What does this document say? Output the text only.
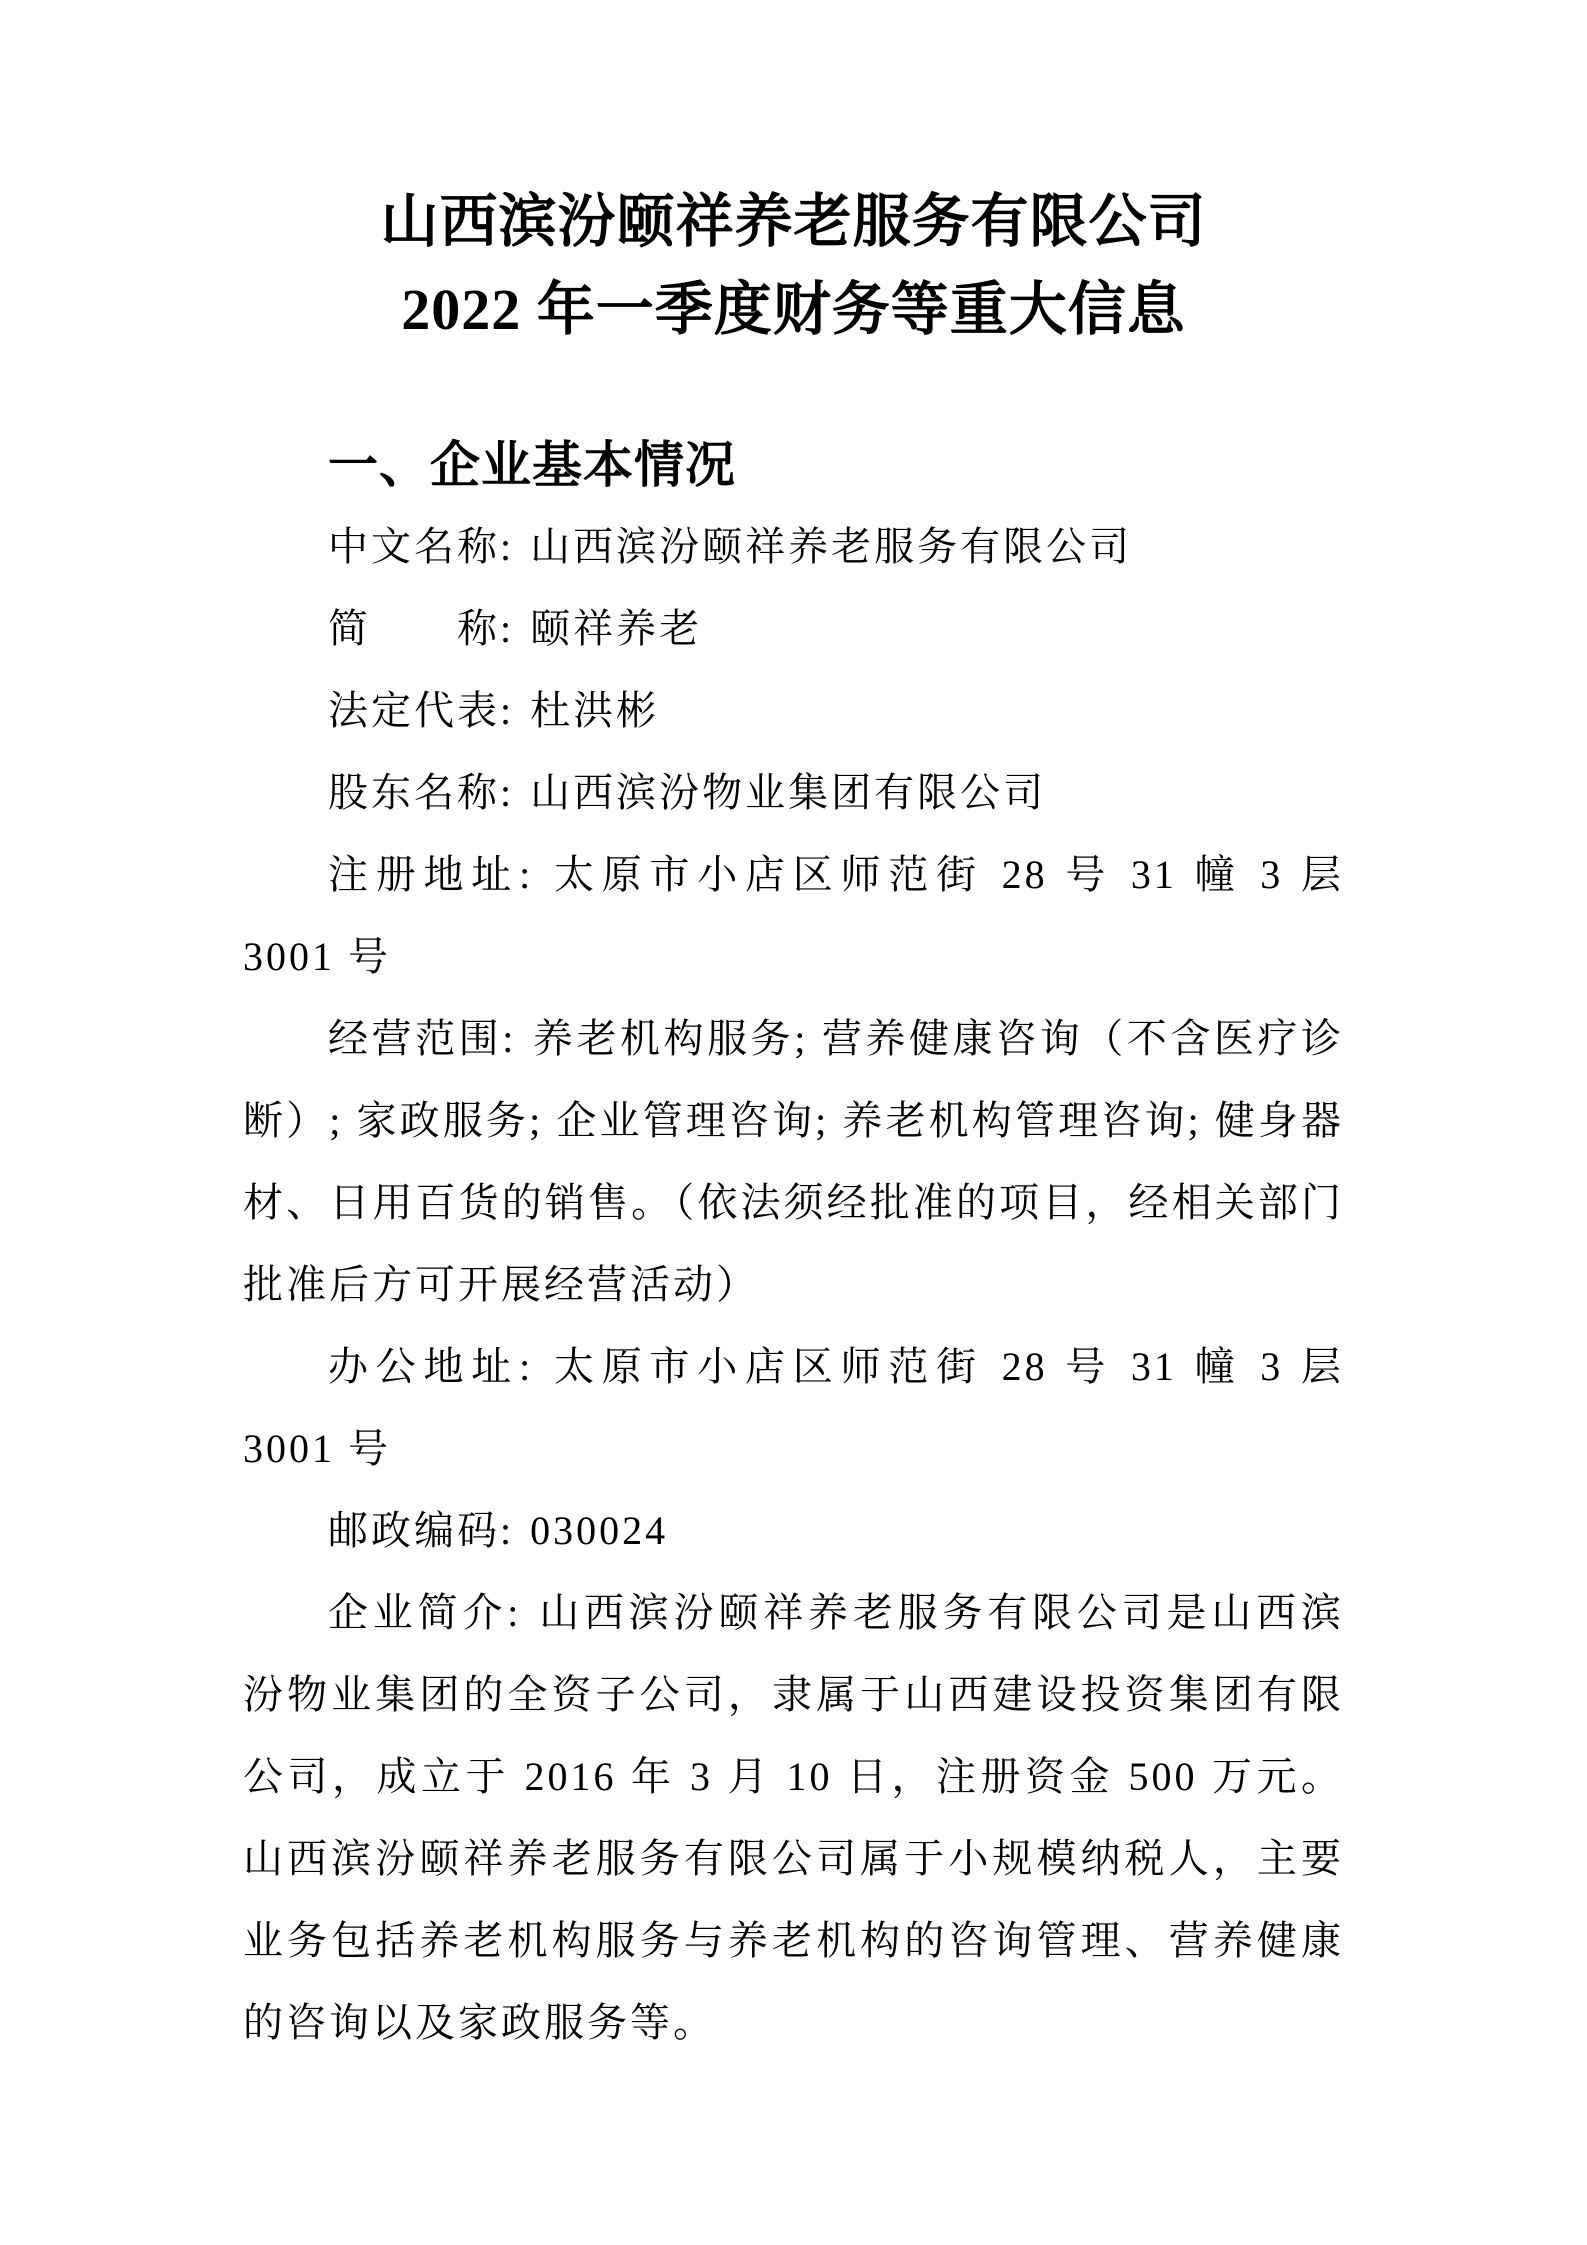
山西滨汾颐祥养老服务有限公司
2022 年一季度财务等重大信息
一、企业基本情况

中文名称: 山西滨汾颐祥养老服务有限公司

简　　称: 颐祥养老

法定代表: 杜洪彬

股东名称: 山西滨汾物业集团有限公司

注册地址: 太原市小店区师范街 28 号 31 幢 3 层 3001 号

经营范围: 养老机构服务; 营养健康咨询（不含医疗诊断）; 家政服务; 企业管理咨询; 养老机构管理咨询; 健身器材、日用百货的销售。（依法须经批准的项目，经相关部门批准后方可开展经营活动）

办公地址: 太原市小店区师范街 28 号 31 幢 3 层 3001 号

邮政编码: 030024

企业简介: 山西滨汾颐祥养老服务有限公司是山西滨汾物业集团的全资子公司，隶属于山西建设投资集团有限公司，成立于 2016 年 3 月 10 日，注册资金 500 万元。山西滨汾颐祥养老服务有限公司属于小规模纳税人，主要业务包括养老机构服务与养老机构的咨询管理、营养健康的咨询以及家政服务等。
